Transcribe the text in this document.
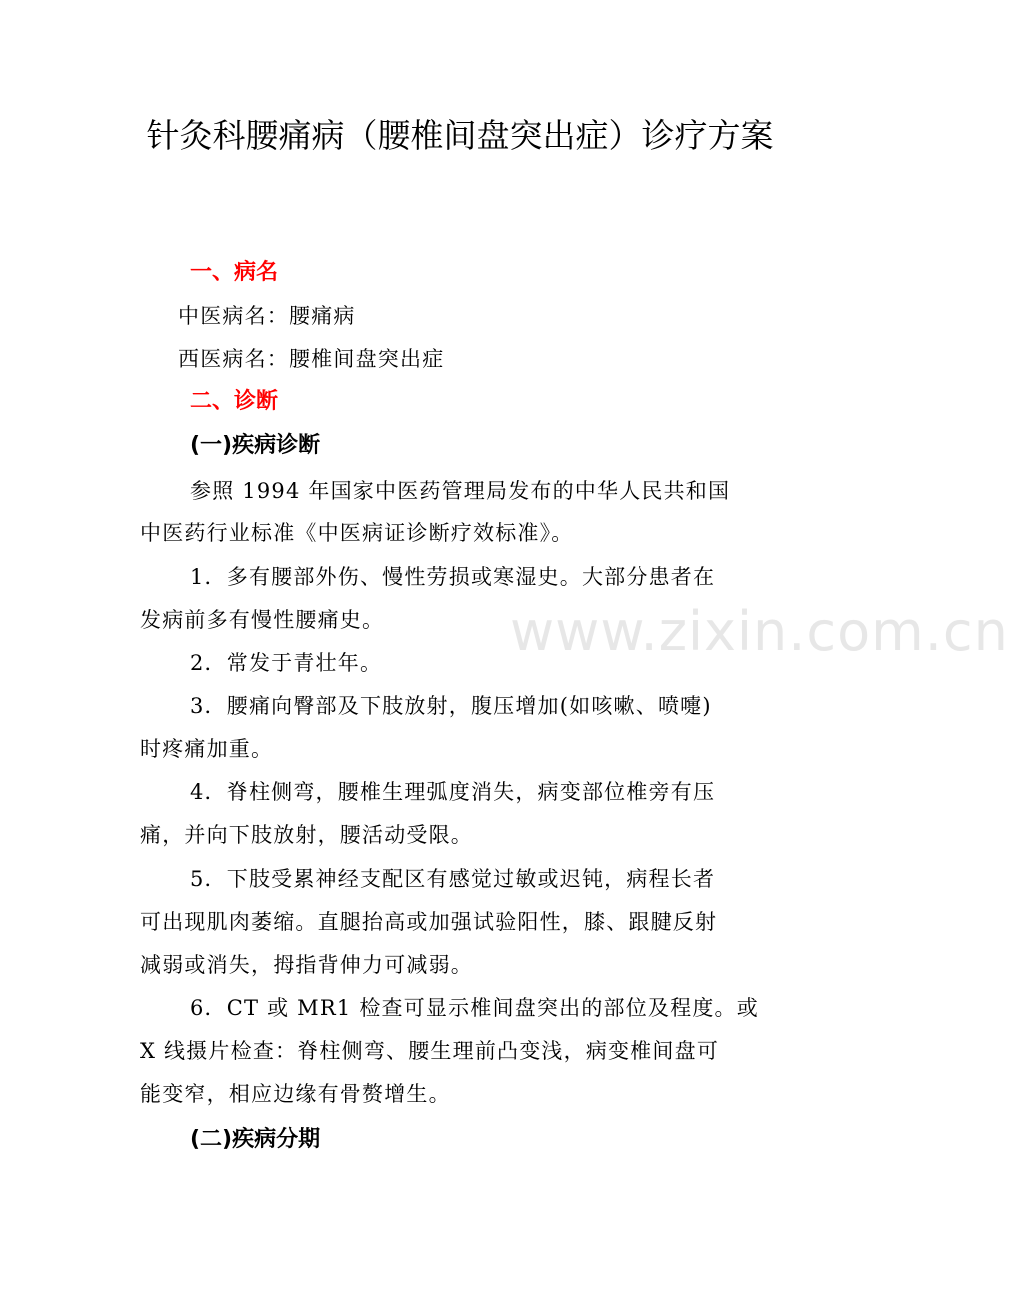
针灸科腰痛病（腰椎间盘突出症）诊疗方案
一、病名
中医病名：腰痛病
西医病名：腰椎间盘突出症
二、诊断
(一)疾病诊断
参照 1994 年国家中医药管理局发布的中华人民共和国
中医药行业标准《中医病证诊断疗效标准》。
1．多有腰部外伤、慢性劳损或寒湿史。大部分患者在
发病前多有慢性腰痛史。
2．常发于青壮年。
3．腰痛向臀部及下肢放射，腹压增加(如咳嗽、喷嚏)
时疼痛加重。
4．脊柱侧弯，腰椎生理弧度消失，病变部位椎旁有压
痛，并向下肢放射，腰活动受限。
5．下肢受累神经支配区有感觉过敏或迟钝，病程长者
可出现肌肉萎缩。直腿抬高或加强试验阳性，膝、跟腱反射
减弱或消失，拇指背伸力可减弱。
6．CT 或 MR1 检查可显示椎间盘突出的部位及程度。或
X 线摄片检查：脊柱侧弯、腰生理前凸变浅，病变椎间盘可
能变窄，相应边缘有骨赘增生。
(二)疾病分期
www.zixin.com.cn
